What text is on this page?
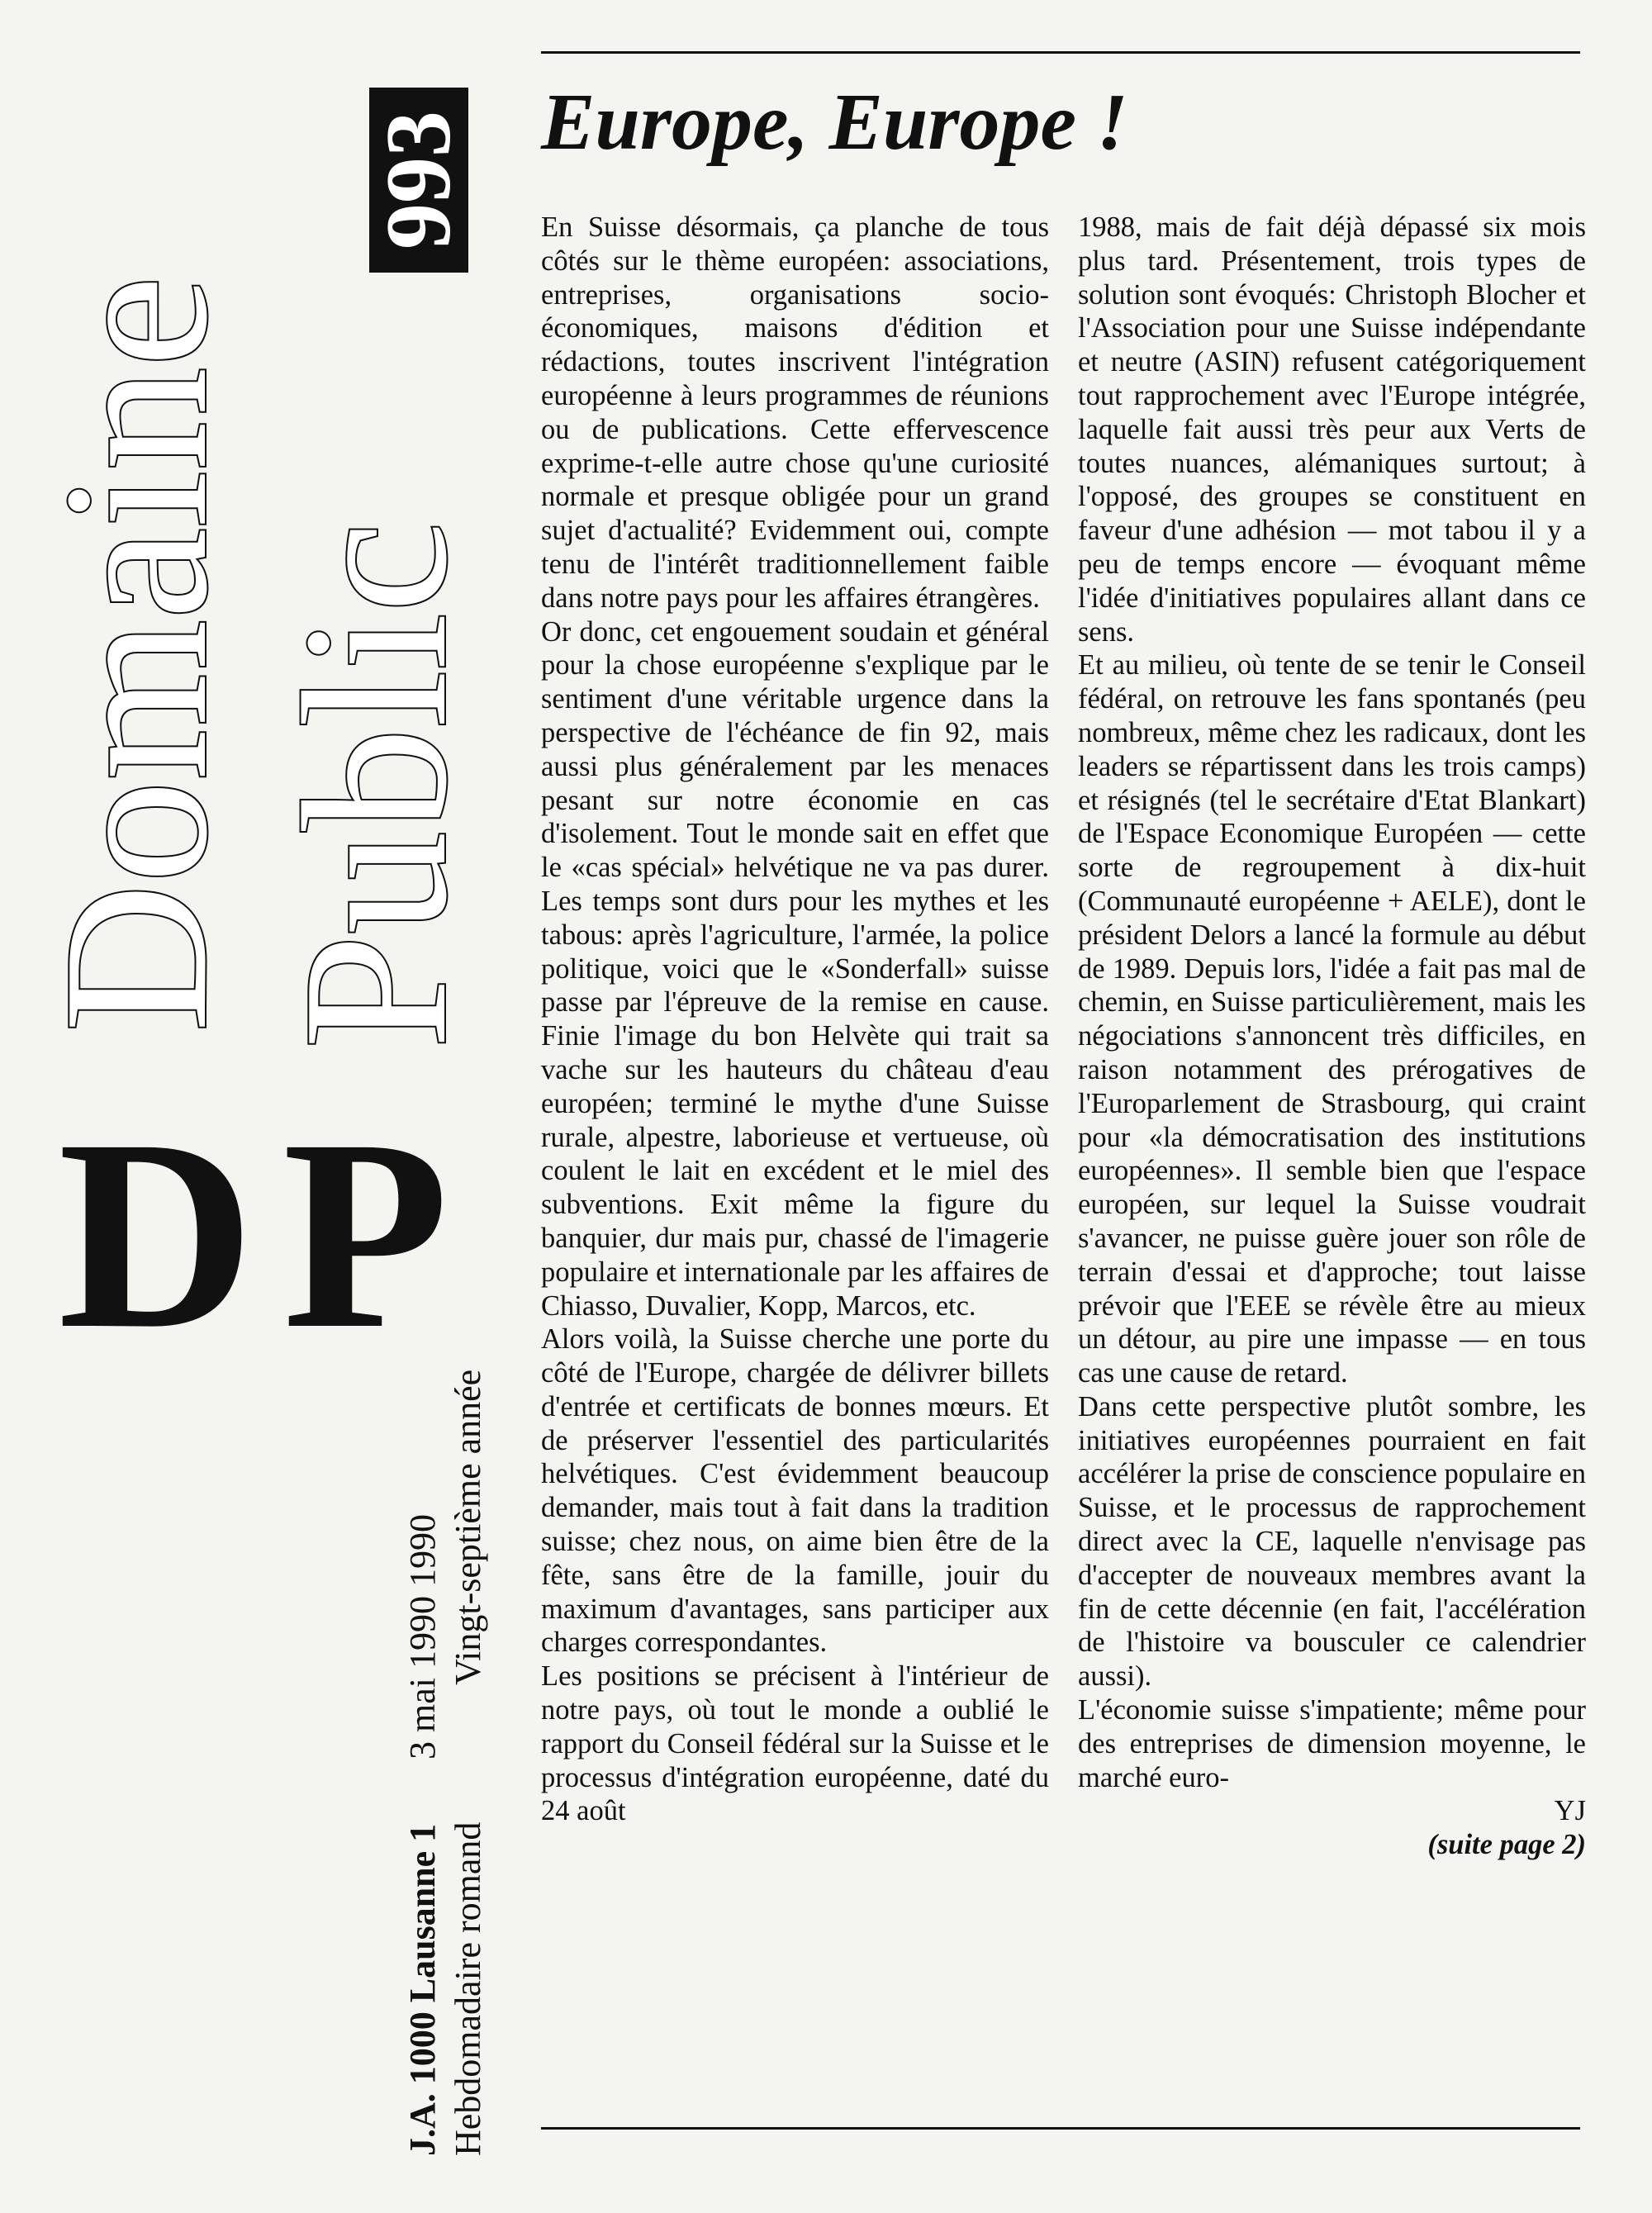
Domaine Public
993
D P
J.A. 1000 Lausanne 1
3 mai 1990 1990
Hebdomadaire romand
Vingt-septième année
Europe, Europe !

En Suisse désormais, ça planche de tous côtés sur le thème européen: associations, entreprises, organisations socio-économiques, maisons d'édition et rédactions, toutes inscrivent l'intégration européenne à leurs programmes de réunions ou de publications. Cette effervescence exprime-t-elle autre chose qu'une curiosité normale et presque obligée pour un grand sujet d'actualité? Evidemment oui, compte tenu de l'intérêt traditionnellement faible dans notre pays pour les affaires étrangères.

Or donc, cet engouement soudain et général pour la chose européenne s'explique par le sentiment d'une véritable urgence dans la perspective de l'échéance de fin 92, mais aussi plus généralement par les menaces pesant sur notre économie en cas d'isolement. Tout le monde sait en effet que le «cas spécial» helvétique ne va pas durer. Les temps sont durs pour les mythes et les tabous: après l'agriculture, l'armée, la police politique, voici que le «Sonderfall» suisse passe par l'épreuve de la remise en cause. Finie l'image du bon Helvète qui trait sa vache sur les hauteurs du château d'eau européen; terminé le mythe d'une Suisse rurale, alpestre, laborieuse et vertueuse, où coulent le lait en excédent et le miel des subventions. Exit même la figure du banquier, dur mais pur, chassé de l'imagerie populaire et internationale par les affaires de Chiasso, Duvalier, Kopp, Marcos, etc.

Alors voilà, la Suisse cherche une porte du côté de l'Europe, chargée de délivrer billets d'entrée et certificats de bonnes mœurs. Et de préserver l'essentiel des particularités helvétiques. C'est évidemment beaucoup demander, mais tout à fait dans la tradition suisse; chez nous, on aime bien être de la fête, sans être de la famille, jouir du maximum d'avantages, sans participer aux charges correspondantes.

Les positions se précisent à l'intérieur de notre pays, où tout le monde a oublié le rapport du Conseil fédéral sur la Suisse et le processus d'intégration européenne, daté du 24 août

1988, mais de fait déjà dépassé six mois plus tard. Présentement, trois types de solution sont évoqués: Christoph Blocher et l'Association pour une Suisse indépendante et neutre (ASIN) refusent catégoriquement tout rapprochement avec l'Europe intégrée, laquelle fait aussi très peur aux Verts de toutes nuances, alémaniques surtout; à l'opposé, des groupes se constituent en faveur d'une adhésion — mot tabou il y a peu de temps encore — évoquant même l'idée d'initiatives populaires allant dans ce sens.

Et au milieu, où tente de se tenir le Conseil fédéral, on retrouve les fans spontanés (peu nombreux, même chez les radicaux, dont les leaders se répartissent dans les trois camps) et résignés (tel le secrétaire d'Etat Blankart) de l'Espace Economique Européen — cette sorte de regroupement à dix-huit (Communauté européenne + AELE), dont le président Delors a lancé la formule au début de 1989. Depuis lors, l'idée a fait pas mal de chemin, en Suisse particulièrement, mais les négociations s'annoncent très difficiles, en raison notamment des prérogatives de l'Europarlement de Strasbourg, qui craint pour «la démocratisation des institutions européennes». Il semble bien que l'espace européen, sur lequel la Suisse voudrait s'avancer, ne puisse guère jouer son rôle de terrain d'essai et d'approche; tout laisse prévoir que l'EEE se révèle être au mieux un détour, au pire une impasse — en tous cas une cause de retard.

Dans cette perspective plutôt sombre, les initiatives européennes pourraient en fait accélérer la prise de conscience populaire en Suisse, et le processus de rapprochement direct avec la CE, laquelle n'envisage pas d'accepter de nouveaux membres avant la fin de cette décennie (en fait, l'accélération de l'histoire va bousculer ce calendrier aussi).

L'économie suisse s'impatiente; même pour des entreprises de dimension moyenne, le marché euro-

YJ

(suite page 2)
